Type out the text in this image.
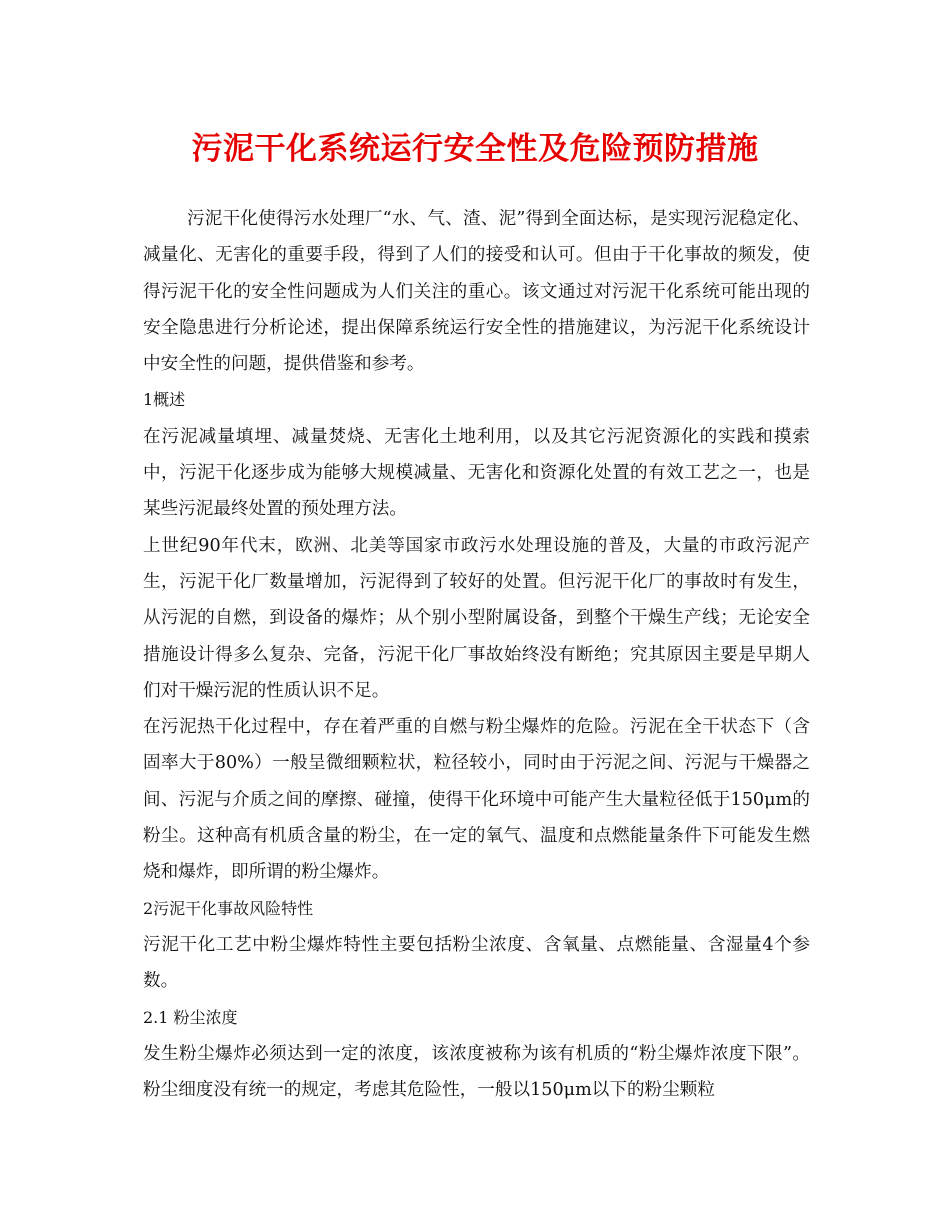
污泥干化系统运行安全性及危险预防措施

污泥干化使得污水处理厂“水、气、渣、泥”得到全面达标，是实现污泥稳定化、减量化、无害化的重要手段，得到了人们的接受和认可。但由于干化事故的频发，使得污泥干化的安全性问题成为人们关注的重心。该文通过对污泥干化系统可能出现的安全隐患进行分析论述，提出保障系统运行安全性的措施建议，为污泥干化系统设计中安全性的问题，提供借鉴和参考。

1概述

在污泥减量填埋、减量焚烧、无害化土地利用，以及其它污泥资源化的实践和摸索中，污泥干化逐步成为能够大规模减量、无害化和资源化处置的有效工艺之一，也是某些污泥最终处置的预处理方法。

上世纪90年代末，欧洲、北美等国家市政污水处理设施的普及，大量的市政污泥产生，污泥干化厂数量增加，污泥得到了较好的处置。但污泥干化厂的事故时有发生，从污泥的自燃，到设备的爆炸；从个别小型附属设备，到整个干燥生产线；无论安全措施设计得多么复杂、完备，污泥干化厂事故始终没有断绝；究其原因主要是早期人们对干燥污泥的性质认识不足。

在污泥热干化过程中，存在着严重的自燃与粉尘爆炸的危险。污泥在全干状态下（含固率大于80%）一般呈微细颗粒状，粒径较小，同时由于污泥之间、污泥与干燥器之间、污泥与介质之间的摩擦、碰撞，使得干化环境中可能产生大量粒径低于150μm的粉尘。这种高有机质含量的粉尘，在一定的氧气、温度和点燃能量条件下可能发生燃烧和爆炸，即所谓的粉尘爆炸。

2污泥干化事故风险特性

污泥干化工艺中粉尘爆炸特性主要包括粉尘浓度、含氧量、点燃能量、含湿量4个参数。

2.1 粉尘浓度

发生粉尘爆炸必须达到一定的浓度，该浓度被称为该有机质的“粉尘爆炸浓度下限”。粉尘细度没有统一的规定，考虑其危险性，一般以150μm以下的粉尘颗粒
